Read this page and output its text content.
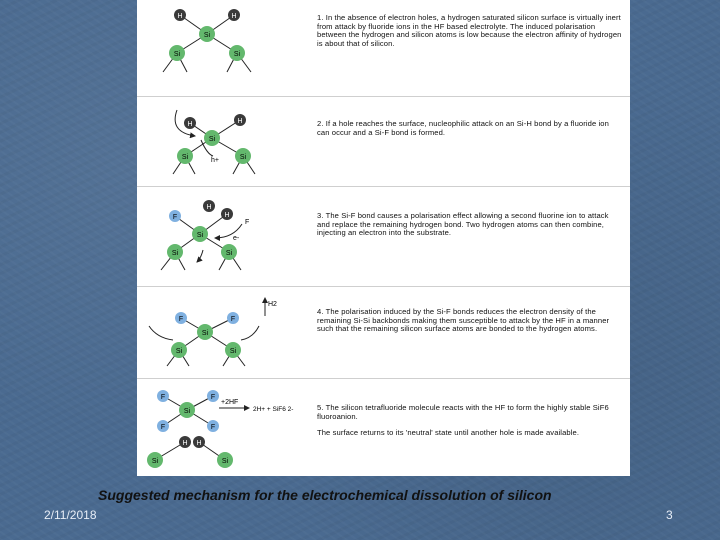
H	H
Si
Si	Si

1. In the absence of electron holes, a hydrogen saturated silicon surface is virtually inert from attack by fluoride ions in the HF based electrolyte. The induced polarisation between the hydrogen and silicon atoms is low because the electron affinity of hydrogen is about that of silicon.

H	H
Si
Si	Si
h+

2. If a hole reaches the surface, nucleophilic attack on an Si-H bond by a fluoride ion can occur and a Si-F bond is formed.

H
H
F
Si
Si	Si
F
e-

3. The Si-F bond causes a polarisation effect allowing a second fluorine ion to attack and replace the remaining hydrogen bond. Two hydrogen atoms can then combine, injecting an electron into the substrate.

F	F
Si
Si	Si
H2

4. The polarisation induced by the Si-F bonds reduces the electron density of the remaining Si-Si backbonds making them susceptible to attack by the HF in a manner such that the remaining silicon surface atoms are bonded to the hydrogen atoms.

F	F
Si
F	F
H H
Si	Si
+2HF
2H+ + SiF6 2-	5. The silicon tetrafluoride molecule reacts with the HF to form the highly stable SiF6 fluoroanion.

The surface returns to its 'neutral' state until another hole is made available.

Suggested mechanism for the electrochemical dissolution of silicon
2/11/2018	3
